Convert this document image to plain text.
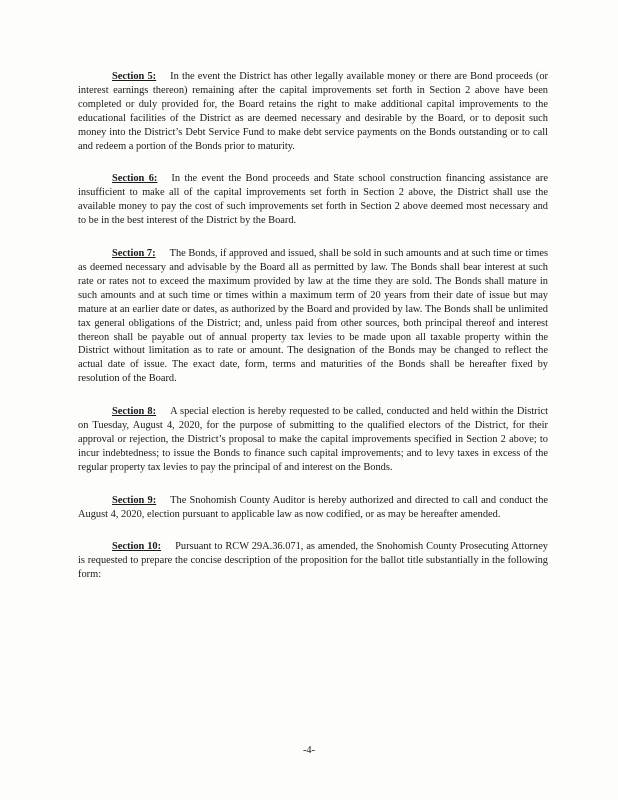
Section 5: In the event the District has other legally available money or there are Bond proceeds (or interest earnings thereon) remaining after the capital improvements set forth in Section 2 above have been completed or duly provided for, the Board retains the right to make additional capital improvements to the educational facilities of the District as are deemed necessary and desirable by the Board, or to deposit such money into the District’s Debt Service Fund to make debt service payments on the Bonds outstanding or to call and redeem a portion of the Bonds prior to maturity.

Section 6: In the event the Bond proceeds and State school construction financing assistance are insufficient to make all of the capital improvements set forth in Section 2 above, the District shall use the available money to pay the cost of such improvements set forth in Section 2 above deemed most necessary and to be in the best interest of the District by the Board.

Section 7: The Bonds, if approved and issued, shall be sold in such amounts and at such time or times as deemed necessary and advisable by the Board all as permitted by law. The Bonds shall bear interest at such rate or rates not to exceed the maximum provided by law at the time they are sold. The Bonds shall mature in such amounts and at such time or times within a maximum term of 20 years from their date of issue but may mature at an earlier date or dates, as authorized by the Board and provided by law. The Bonds shall be unlimited tax general obligations of the District; and, unless paid from other sources, both principal thereof and interest thereon shall be payable out of annual property tax levies to be made upon all taxable property within the District without limitation as to rate or amount. The designation of the Bonds may be changed to reflect the actual date of issue. The exact date, form, terms and maturities of the Bonds shall be hereafter fixed by resolution of the Board.

Section 8: A special election is hereby requested to be called, conducted and held within the District on Tuesday, August 4, 2020, for the purpose of submitting to the qualified electors of the District, for their approval or rejection, the District’s proposal to make the capital improvements specified in Section 2 above; to incur indebtedness; to issue the Bonds to finance such capital improvements; and to levy taxes in excess of the regular property tax levies to pay the principal of and interest on the Bonds.

Section 9: The Snohomish County Auditor is hereby authorized and directed to call and conduct the August 4, 2020, election pursuant to applicable law as now codified, or as may be hereafter amended.

Section 10: Pursuant to RCW 29A.36.071, as amended, the Snohomish County Prosecuting Attorney is requested to prepare the concise description of the proposition for the ballot title substantially in the following form:

-4-
